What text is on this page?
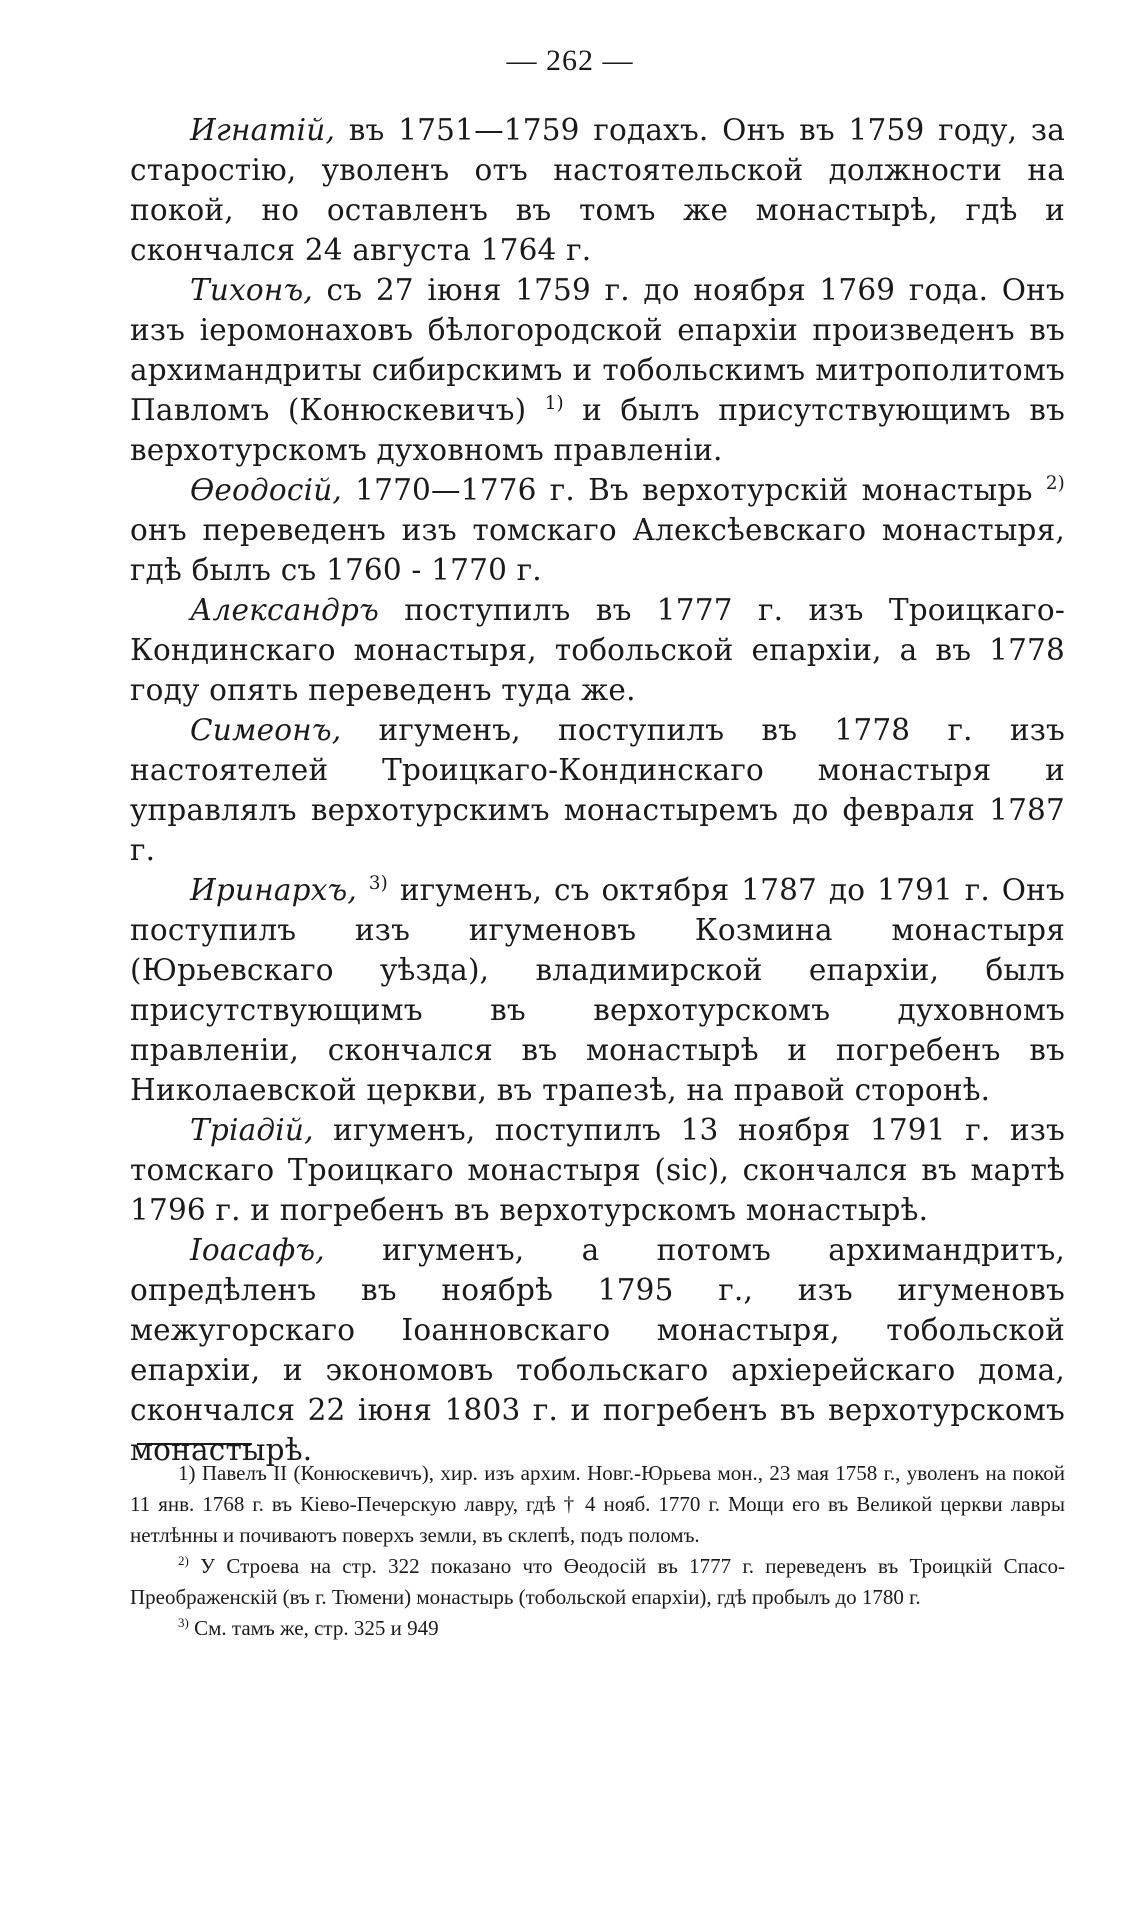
— 262 —

Игнатій, въ 1751—1759 годахъ. Онъ въ 1759 году, за старостію, уволенъ отъ настоятельской должности на покой, но оставленъ въ томъ же монастырѣ, гдѣ и скончался 24 августа 1764 г.

Тихонъ, съ 27 іюня 1759 г. до ноября 1769 года. Онъ изъ іеромонаховъ бѣлогородской епархіи произведенъ въ архимандриты сибирскимъ и тобольскимъ митрополитомъ Павломъ (Конюскевичъ) $^{1)}$ и былъ присутствующимъ въ верхотурскомъ духовномъ правленіи.

Өеодосій, 1770—1776 г. Въ верхотурскій монастырь $^{2)}$ онъ переведенъ изъ томскаго Алексѣевскаго монастыря, гдѣ былъ съ 1760 - 1770 г.

Александръ поступилъ въ 1777 г. изъ Троицкаго-Кондинскаго монастыря, тобольской епархіи, а въ 1778 году опять переведенъ туда же.

Симеонъ, игуменъ, поступилъ въ 1778 г. изъ настоятелей Троицкаго-Кондинскаго монастыря и управлялъ верхотурскимъ монастыремъ до февраля 1787 г.

Иринархъ, $^{3)}$ игуменъ, съ октября 1787 до 1791 г. Онъ поступилъ изъ игуменовъ Козмина монастыря (Юрьевскаго уѣзда), владимирской епархіи, былъ присутствующимъ въ верхотурскомъ духовномъ правленіи, скончался въ монастырѣ и погребенъ въ Николаевской церкви, въ трапезѣ, на правой сторонѣ.

Тріадій, игуменъ, поступилъ 13 ноября 1791 г. изъ томскаго Троицкаго монастыря (sic), скончался въ мартѣ 1796 г. и погребенъ въ верхотурскомъ монастырѣ.

Іоасафъ, игуменъ, а потомъ архимандритъ, опредѣленъ въ ноябрѣ 1795 г., изъ игуменовъ межугорскаго Іоанновскаго монастыря, тобольской епархіи, и экономовъ тобольскаго архіерейскаго дома, скончался 22 іюня 1803 г. и погребенъ въ верхотурскомъ монастырѣ.

1) Павелъ II (Конюскевичъ), хир. изъ архим. Новг.-Юрьева мон., 23 мая 1758 г., уволенъ на покой 11 янв. 1768 г. въ Кіево-Печерскую лавру, гдѣ † 4 нояб. 1770 г. Мощи его въ Великой церкви лавры нетлѣнны и почиваютъ поверхъ земли, въ склепѣ, подъ поломъ.

$^{2)}$ У Строева на стр. 322 показано что Өеодосій въ 1777 г. переведенъ въ Троицкій Спасо-Преображенскій (въ г. Тюмени) монастырь (тобольской епархіи), гдѣ пробылъ до 1780 г.

$^{3)}$ См. тамъ же, стр. 325 и 949
